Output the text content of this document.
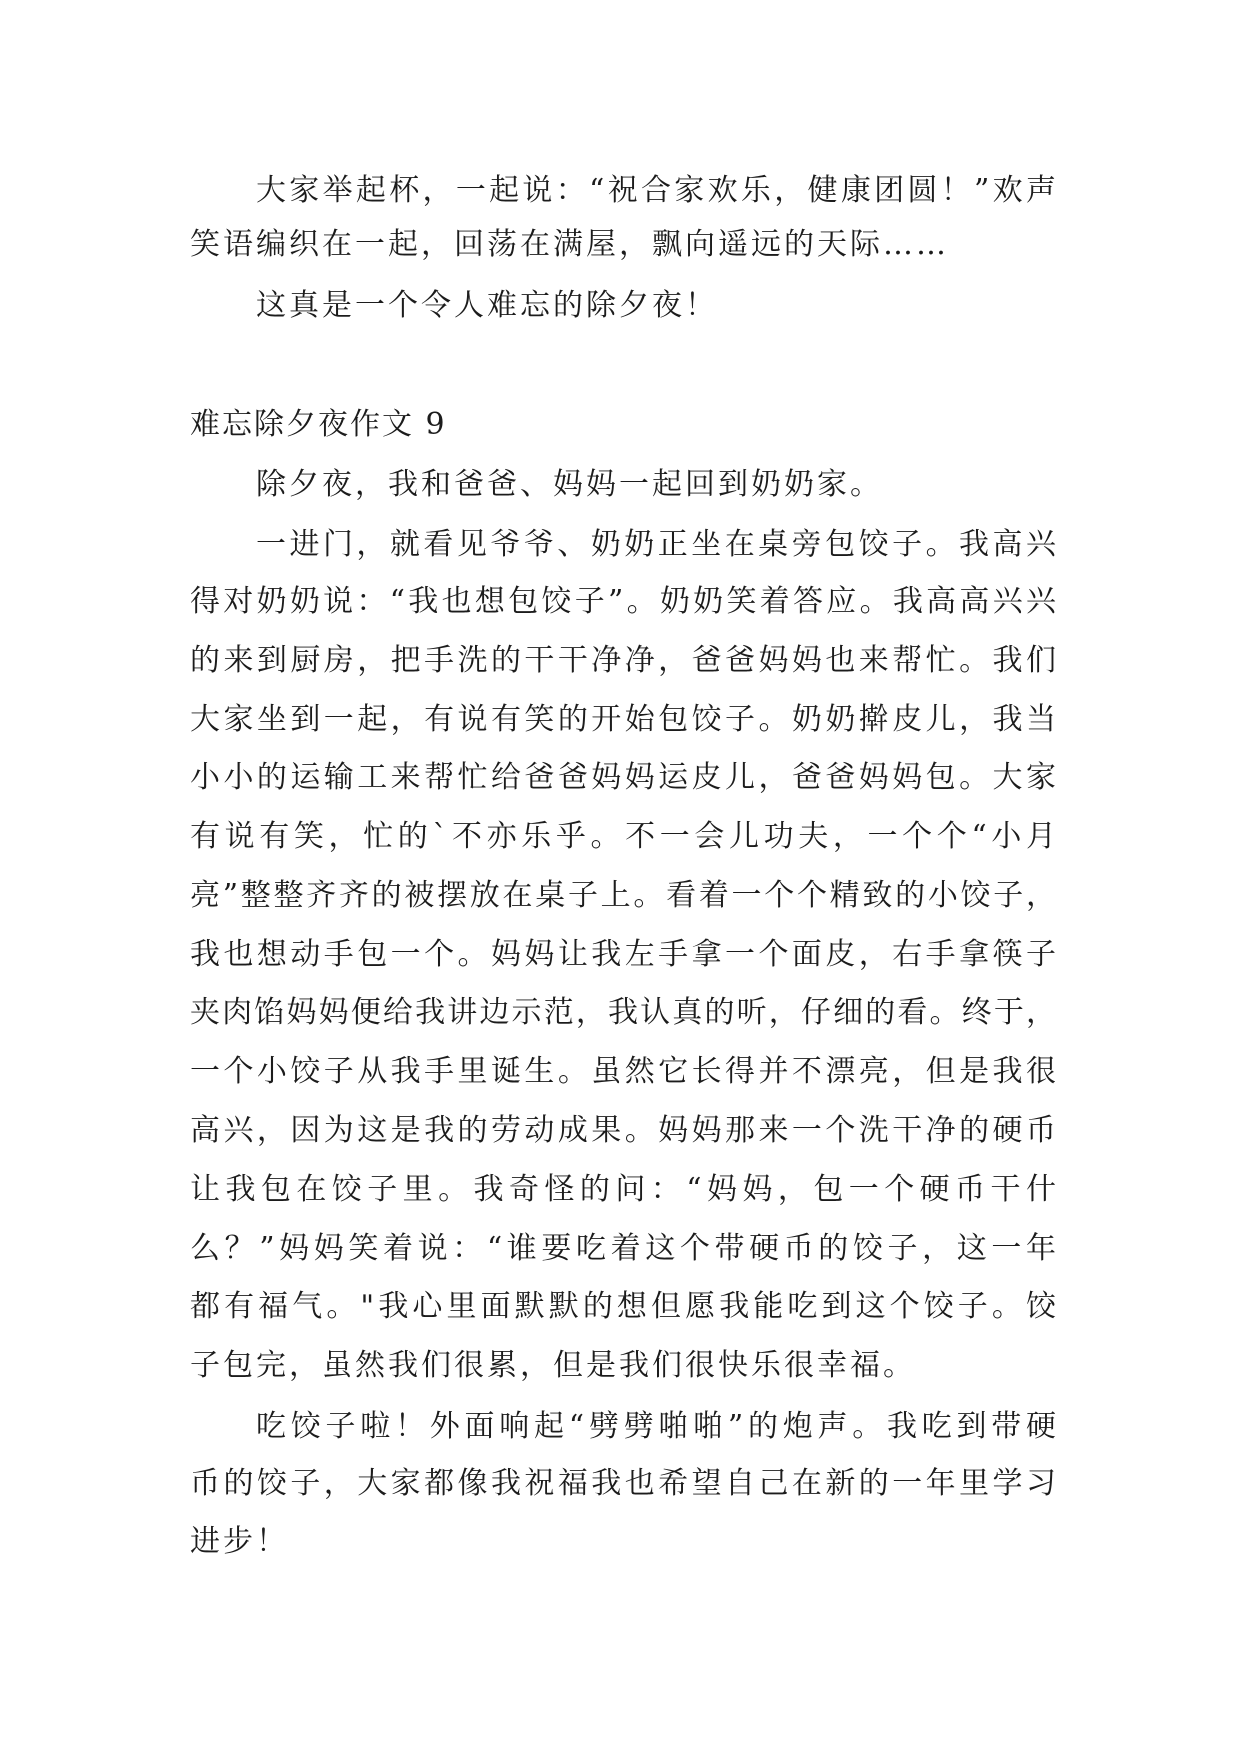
大家举起杯，一起说：“祝合家欢乐，健康团圆！”欢声
笑语编织在一起，回荡在满屋，飘向遥远的天际……
这真是一个令人难忘的除夕夜！
难忘除夕夜作文 9
除夕夜，我和爸爸、妈妈一起回到奶奶家。
一进门，就看见爷爷、奶奶正坐在桌旁包饺子。我高兴
得对奶奶说：“我也想包饺子”。奶奶笑着答应。我高高兴兴
的来到厨房，把手洗的干干净净，爸爸妈妈也来帮忙。我们
大家坐到一起，有说有笑的开始包饺子。奶奶擀皮儿，我当
小小的运输工来帮忙给爸爸妈妈运皮儿，爸爸妈妈包。大家
有说有笑，忙的`不亦乐乎。不一会儿功夫，一个个“小月
亮”整整齐齐的被摆放在桌子上。看着一个个精致的小饺子，
我也想动手包一个。妈妈让我左手拿一个面皮，右手拿筷子
夹肉馅妈妈便给我讲边示范，我认真的听，仔细的看。终于，
一个小饺子从我手里诞生。虽然它长得并不漂亮，但是我很
高兴，因为这是我的劳动成果。妈妈那来一个洗干净的硬币
让我包在饺子里。我奇怪的问：“妈妈，包一个硬币干什
么？”妈妈笑着说：“谁要吃着这个带硬币的饺子，这一年
都有福气。"我心里面默默的想但愿我能吃到这个饺子。饺
子包完，虽然我们很累，但是我们很快乐很幸福。
吃饺子啦！外面响起“劈劈啪啪”的炮声。我吃到带硬
币的饺子，大家都像我祝福我也希望自己在新的一年里学习
进步！
